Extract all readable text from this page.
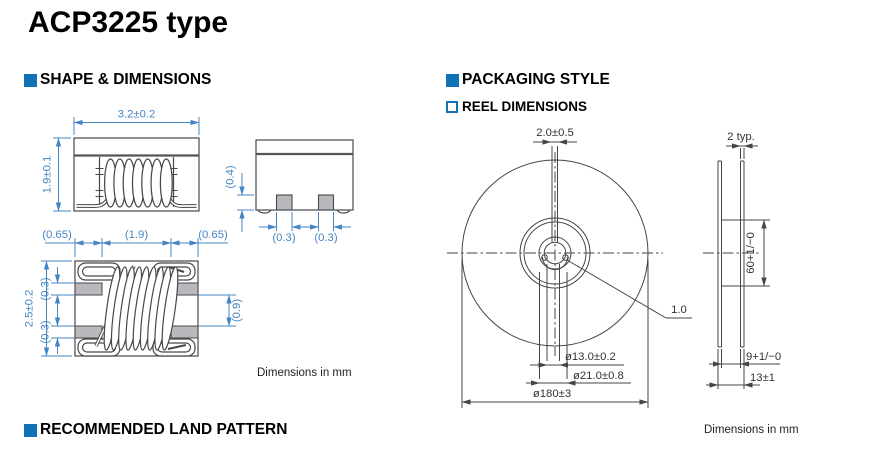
ACP3225 type
SHAPE & DIMENSIONS	PACKAGING STYLE
REEL DIMENSIONS
RECOMMENDED LAND PATTERN
Dimensions in mm
Dimensions in mm
3.2±0.2
1.9±0.1	(0.4)
(0.3) (0.3)
(0.65)	(1.9)	(0.65)
2.5±0.2
(0.3)
(0.3)
(0.9)
2.0±0.5
1.0
ø13.0±0.2
ø21.0±0.8
ø180±3
2 typ.
60+1/−0
9+1/−0
13±1
